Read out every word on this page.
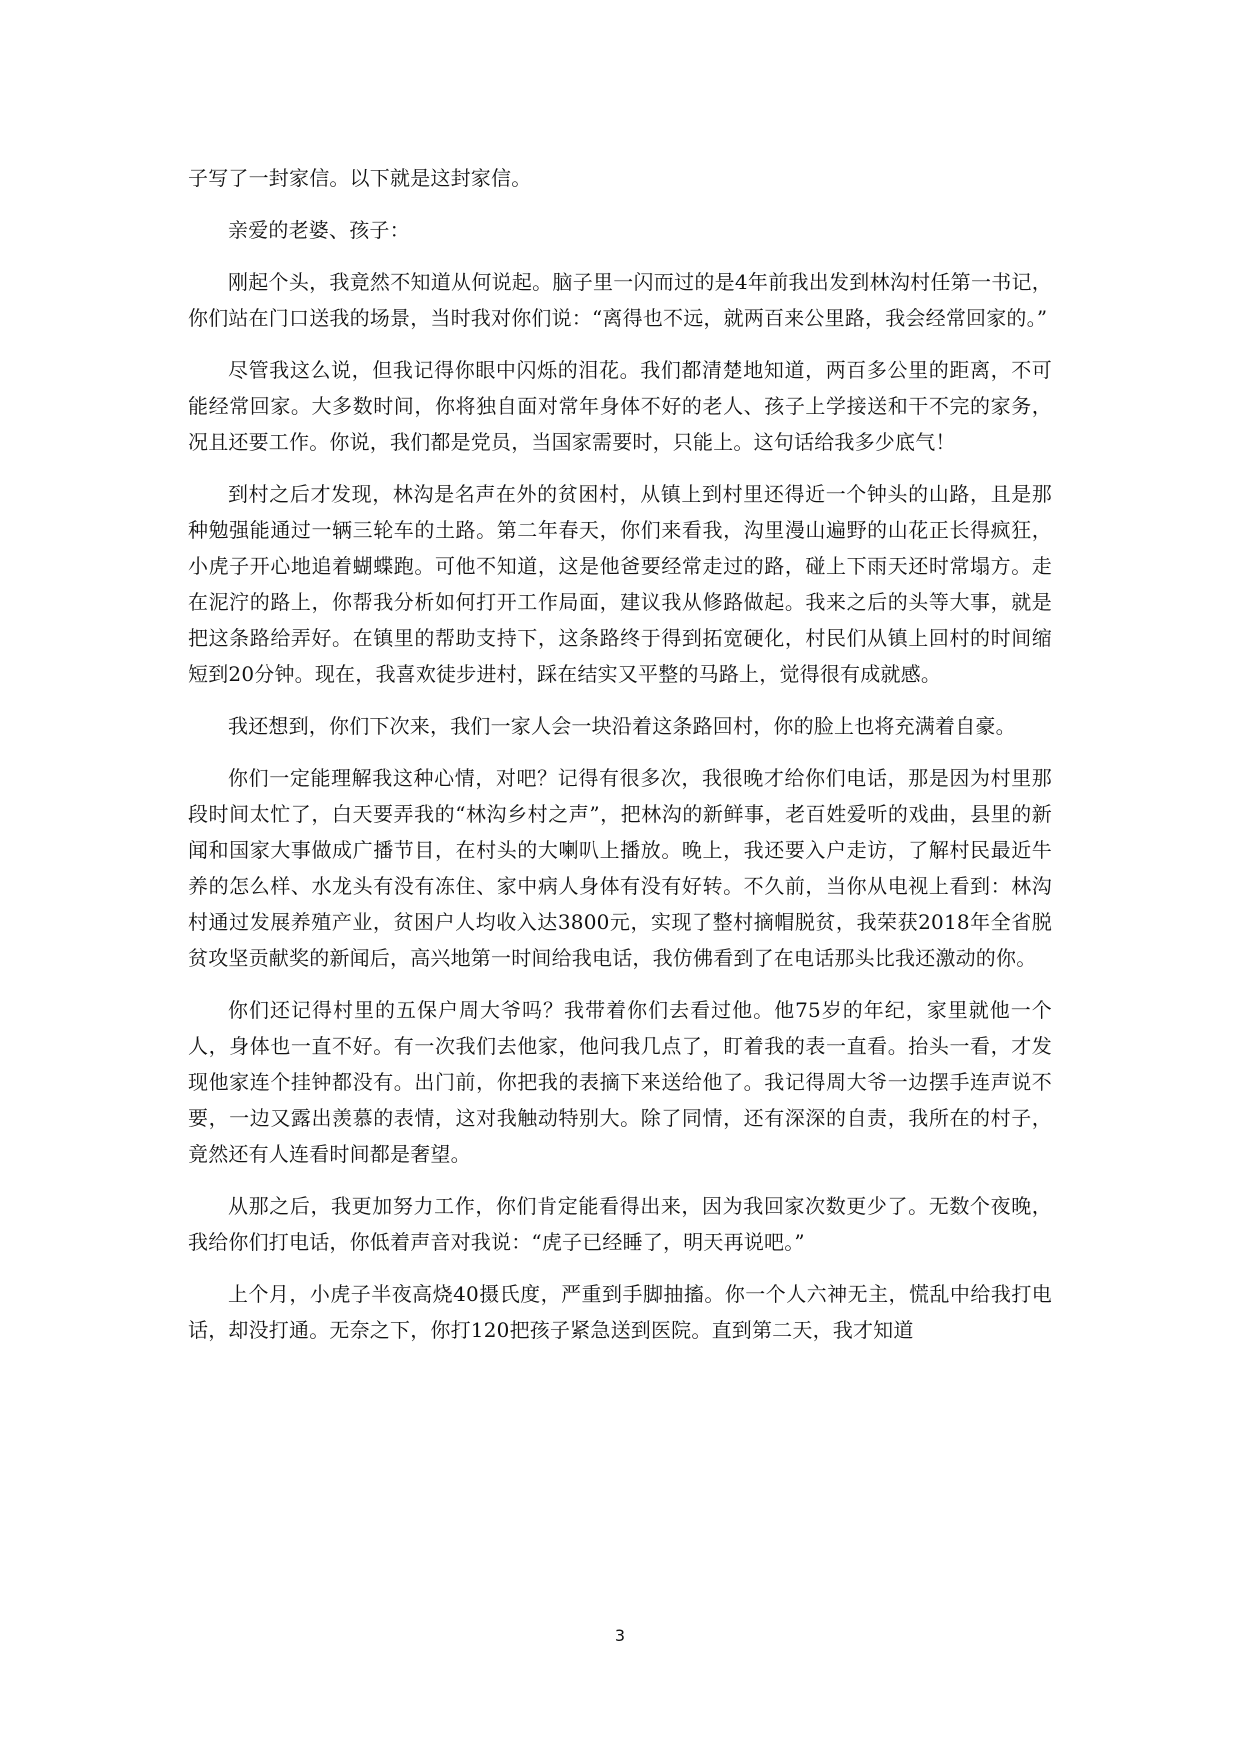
子写了一封家信。以下就是这封家信。

亲爱的老婆、孩子：

刚起个头，我竟然不知道从何说起。脑子里一闪而过的是4年前我出发到林沟村任第一书记，你们站在门口送我的场景，当时我对你们说：“离得也不远，就两百来公里路，我会经常回家的。”

尽管我这么说，但我记得你眼中闪烁的泪花。我们都清楚地知道，两百多公里的距离，不可能经常回家。大多数时间，你将独自面对常年身体不好的老人、孩子上学接送和干不完的家务，况且还要工作。你说，我们都是党员，当国家需要时，只能上。这句话给我多少底气！

到村之后才发现，林沟是名声在外的贫困村，从镇上到村里还得近一个钟头的山路，且是那种勉强能通过一辆三轮车的土路。第二年春天，你们来看我，沟里漫山遍野的山花正长得疯狂，小虎子开心地追着蝴蝶跑。可他不知道，这是他爸要经常走过的路，碰上下雨天还时常塌方。走在泥泞的路上，你帮我分析如何打开工作局面，建议我从修路做起。我来之后的头等大事，就是把这条路给弄好。在镇里的帮助支持下，这条路终于得到拓宽硬化，村民们从镇上回村的时间缩短到20分钟。现在，我喜欢徒步进村，踩在结实又平整的马路上，觉得很有成就感。

我还想到，你们下次来，我们一家人会一块沿着这条路回村，你的脸上也将充满着自豪。

你们一定能理解我这种心情，对吧？记得有很多次，我很晚才给你们电话，那是因为村里那段时间太忙了，白天要弄我的“林沟乡村之声”，把林沟的新鲜事，老百姓爱听的戏曲，县里的新闻和国家大事做成广播节目，在村头的大喇叭上播放。晚上，我还要入户走访，了解村民最近牛养的怎么样、水龙头有没有冻住、家中病人身体有没有好转。不久前，当你从电视上看到：林沟村通过发展养殖产业，贫困户人均收入达3800元，实现了整村摘帽脱贫，我荣获2018年全省脱贫攻坚贡献奖的新闻后，高兴地第一时间给我电话，我仿佛看到了在电话那头比我还激动的你。

你们还记得村里的五保户周大爷吗？我带着你们去看过他。他75岁的年纪，家里就他一个人，身体也一直不好。有一次我们去他家，他问我几点了，盯着我的表一直看。抬头一看，才发现他家连个挂钟都没有。出门前，你把我的表摘下来送给他了。我记得周大爷一边摆手连声说不要，一边又露出羡慕的表情，这对我触动特别大。除了同情，还有深深的自责，我所在的村子，竟然还有人连看时间都是奢望。

从那之后，我更加努力工作，你们肯定能看得出来，因为我回家次数更少了。无数个夜晚，我给你们打电话，你低着声音对我说：“虎子已经睡了，明天再说吧。”

上个月，小虎子半夜高烧40摄氏度，严重到手脚抽搐。你一个人六神无主，慌乱中给我打电话，却没打通。无奈之下，你打120把孩子紧急送到医院。直到第二天，我才知道

3
